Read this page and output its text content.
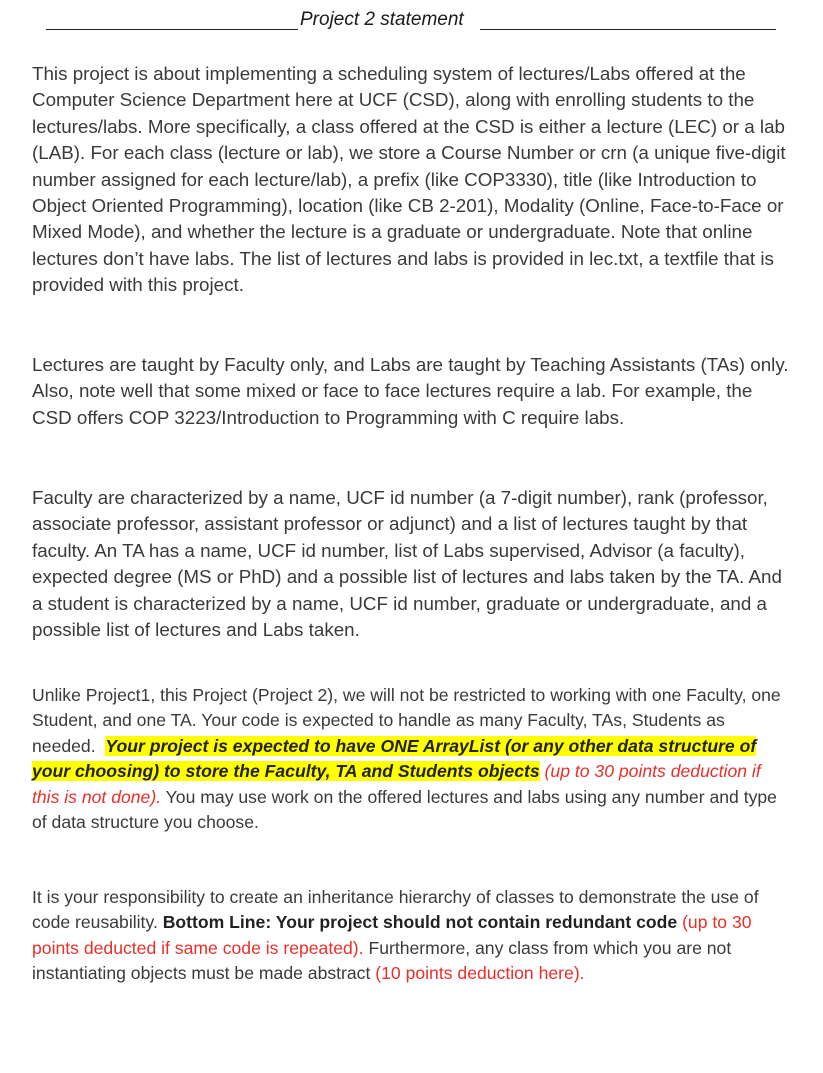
Project 2 statement

This project is about implementing a scheduling system of lectures/Labs offered at the Computer Science Department here at UCF (CSD), along with enrolling students to the lectures/labs. More specifically, a class offered at the CSD is either a lecture (LEC) or a lab (LAB). For each class (lecture or lab), we store a Course Number or crn (a unique five-digit number assigned for each lecture/lab), a prefix (like COP3330), title (like Introduction to Object Oriented Programming), location (like CB 2-201), Modality (Online, Face-to-Face or Mixed Mode), and whether the lecture is a graduate or undergraduate. Note that online lectures don’t have labs. The list of lectures and labs is provided in lec.txt, a textfile that is provided with this project.

Lectures are taught by Faculty only, and Labs are taught by Teaching Assistants (TAs) only. Also, note well that some mixed or face to face lectures require a lab. For example, the CSD offers COP 3223/Introduction to Programming with C require labs.

Faculty are characterized by a name, UCF id number (a 7-digit number), rank (professor, associate professor, assistant professor or adjunct) and a list of lectures taught by that faculty. An TA has a name, UCF id number, list of Labs supervised, Advisor (a faculty), expected degree (MS or PhD) and a possible list of lectures and labs taken by the TA. And a student is characterized by a name, UCF id number, graduate or undergraduate, and a possible list of lectures and Labs taken.

Unlike Project1, this Project (Project 2), we will not be restricted to working with one Faculty, one Student, and one TA. Your code is expected to handle as many Faculty, TAs, Students as needed. Your project is expected to have ONE ArrayList (or any other data structure of your choosing) to store the Faculty, TA and Students objects (up to 30 points deduction if this is not done). You may use work on the offered lectures and labs using any number and type of data structure you choose.

It is your responsibility to create an inheritance hierarchy of classes to demonstrate the use of code reusability. Bottom Line: Your project should not contain redundant code (up to 30 points deducted if same code is repeated). Furthermore, any class from which you are not instantiating objects must be made abstract (10 points deduction here).
